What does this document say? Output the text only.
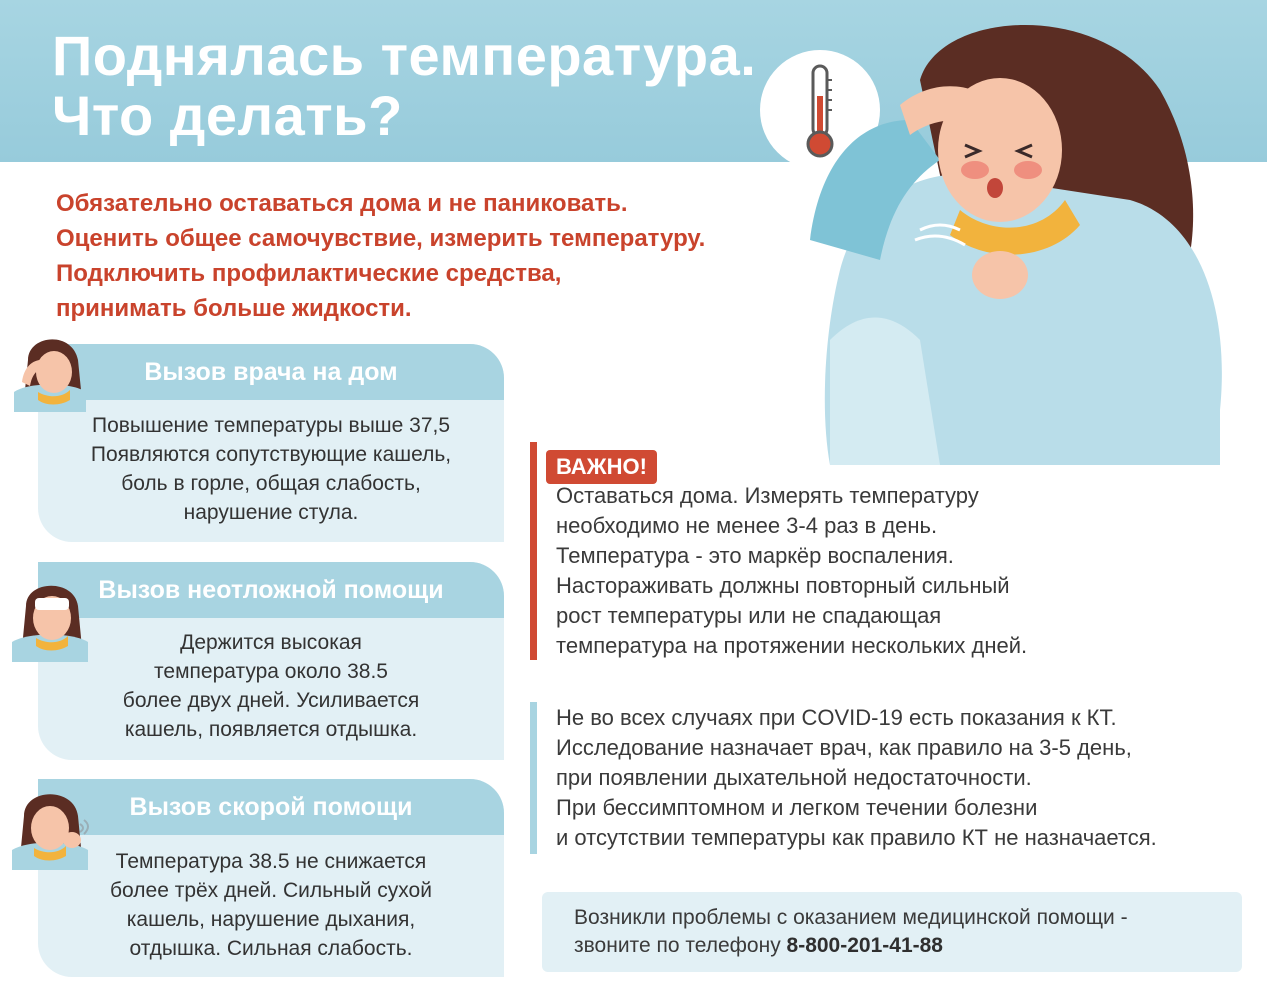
Поднялась температура.
Что делать?
Обязательно оставаться дома и не паниковать.
Оценить общее самочувствие, измерить температуру.
Подключить профилактические средства,
принимать больше жидкости.
Вызов врача на дом
Повышение температуры выше 37,5
Появляются сопутствующие кашель,
боль в горле, общая слабость,
нарушение стула.
Вызов неотложной помощи
Держится высокая
температура около 38.5
более двух дней. Усиливается
кашель, появляется отдышка.
Вызов скорой помощи
Температура 38.5 не снижается
более трёх дней. Сильный сухой
кашель, нарушение дыхания,
отдышка. Сильная слабость.
ВАЖНО!
Оставаться дома. Измерять температуру
необходимо не менее 3-4 раз в день.
Температура - это маркёр воспаления.
Настораживать должны повторный сильный
рост температуры или не спадающая
температура на протяжении нескольких дней.
Не во всех случаях при COVID-19 есть показания к КТ.
Исследование назначает врач, как правило на 3-5 день,
при появлении дыхательной недостаточности.
При бессимптомном и легком течении болезни
и отсутствии температуры как правило КТ не назначается.
Возникли проблемы с оказанием медицинской помощи -
звоните по телефону 8-800-201-41-88
